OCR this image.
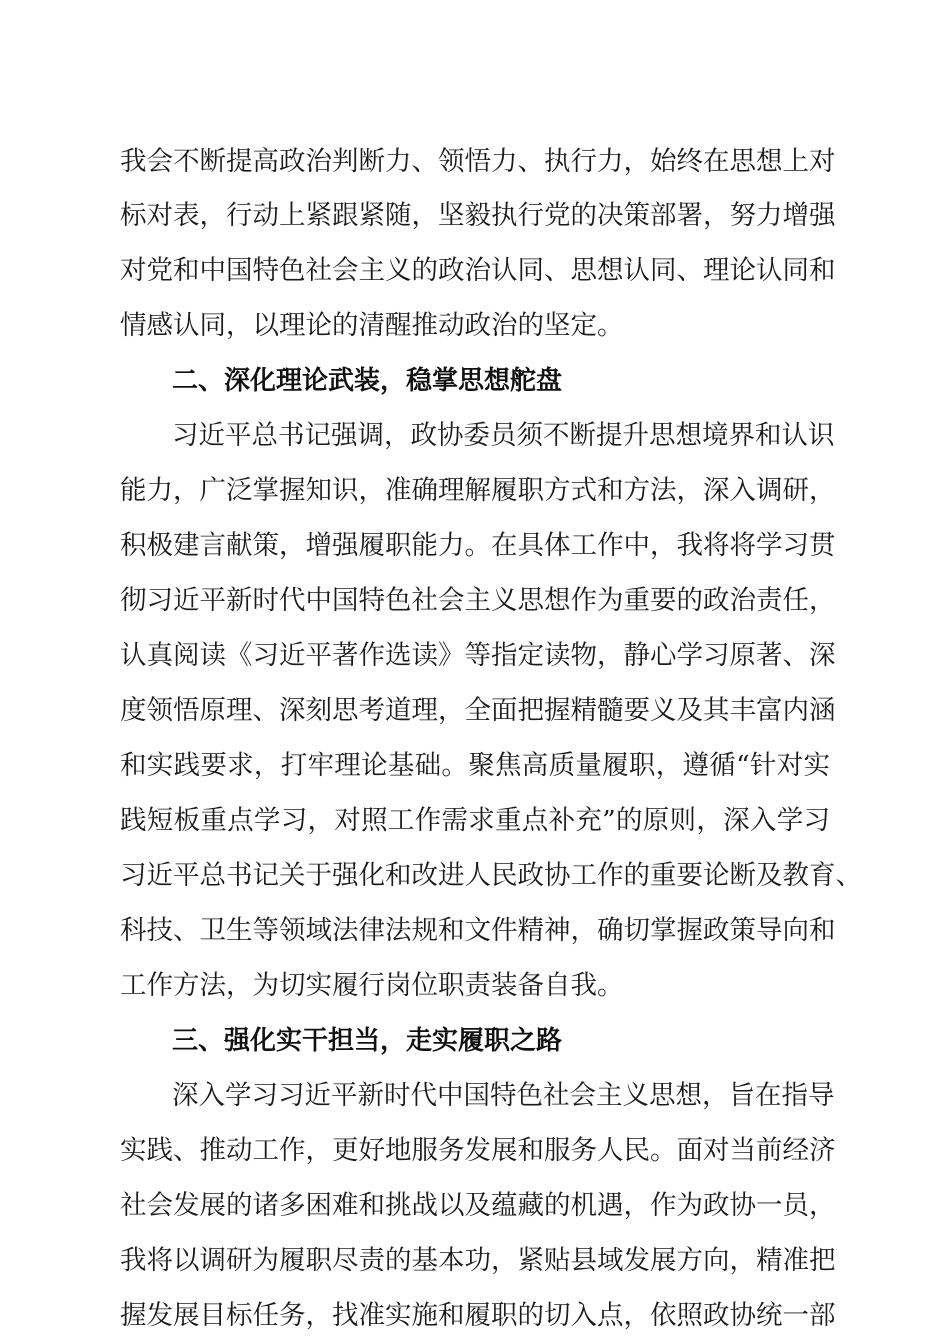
我会不断提高政治判断力、领悟力、执行力，始终在思想上对

标对表，行动上紧跟紧随，坚毅执行党的决策部署，努力增强

对党和中国特色社会主义的政治认同、思想认同、理论认同和

情感认同，以理论的清醒推动政治的坚定。

二、深化理论武装，稳掌思想舵盘

习近平总书记强调，政协委员须不断提升思想境界和认识

能力，广泛掌握知识，准确理解履职方式和方法，深入调研，

积极建言献策，增强履职能力。在具体工作中，我将将学习贯

彻习近平新时代中国特色社会主义思想作为重要的政治责任，

认真阅读《习近平著作选读》等指定读物，静心学习原著、深

度领悟原理、深刻思考道理，全面把握精髓要义及其丰富内涵

和实践要求，打牢理论基础。聚焦高质量履职，遵循“针对实

践短板重点学习，对照工作需求重点补充”的原则，深入学习

习近平总书记关于强化和改进人民政协工作的重要论断及教育、

科技、卫生等领域法律法规和文件精神，确切掌握政策导向和

工作方法，为切实履行岗位职责装备自我。

三、强化实干担当，走实履职之路

深入学习习近平新时代中国特色社会主义思想，旨在指导

实践、推动工作，更好地服务发展和服务人民。面对当前经济

社会发展的诸多困难和挑战以及蕴藏的机遇，作为政协一员，

我将以调研为履职尽责的基本功，紧贴县域发展方向，精准把

握发展目标任务，找准实施和履职的切入点，依照政协统一部
